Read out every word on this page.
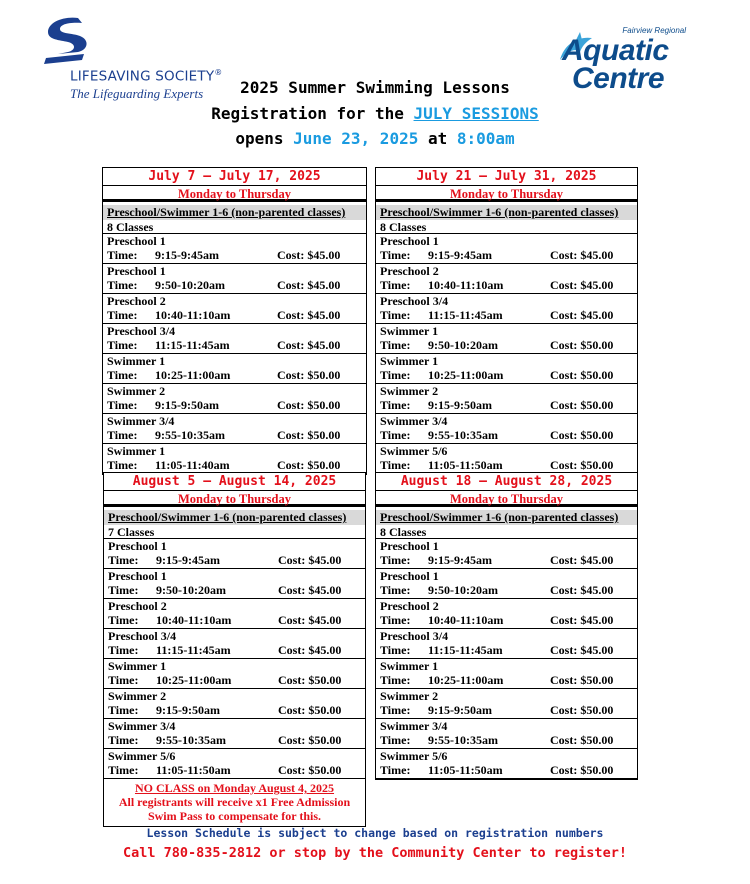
LIFESAVING SOCIETY®
The Lifeguarding Experts
Fairview Regional
Aquatic
Centre
2025 Summer Swimming Lessons
Registration for the JULY SESSIONS
opens June 23, 2025 at 8:00am
July 7 – July 17, 2025
Monday to Thursday
Preschool/Swimmer 1-6 (non-parented classes)
8 Classes
Preschool 1
Time: 9:15-9:45am	Cost: $45.00
Preschool 1
Time: 9:50-10:20am	Cost: $45.00
Preschool 2
Time: 10:40-11:10am	Cost: $45.00
Preschool 3/4
Time: 11:15-11:45am	Cost: $45.00
Swimmer 1
Time: 10:25-11:00am	Cost: $50.00
Swimmer 2
Time: 9:15-9:50am	Cost: $50.00
Swimmer 3/4
Time: 9:55-10:35am	Cost: $50.00
Swimmer 1
Time: 11:05-11:40am	Cost: $50.00
July 21 – July 31, 2025
Monday to Thursday
Preschool/Swimmer 1-6 (non-parented classes)
8 Classes
Preschool 1
Time: 9:15-9:45am	Cost: $45.00
Preschool 2
Time: 10:40-11:10am	Cost: $45.00
Preschool 3/4
Time: 11:15-11:45am	Cost: $45.00
Swimmer 1
Time: 9:50-10:20am	Cost: $50.00
Swimmer 1
Time: 10:25-11:00am	Cost: $50.00
Swimmer 2
Time: 9:15-9:50am	Cost: $50.00
Swimmer 3/4
Time: 9:55-10:35am	Cost: $50.00
Swimmer 5/6
Time: 11:05-11:50am	Cost: $50.00
August 5 – August 14, 2025
Monday to Thursday
Preschool/Swimmer 1-6 (non-parented classes)
7 Classes
Preschool 1
Time: 9:15-9:45am	Cost: $45.00
Preschool 1
Time: 9:50-10:20am	Cost: $45.00
Preschool 2
Time: 10:40-11:10am	Cost: $45.00
Preschool 3/4
Time: 11:15-11:45am	Cost: $45.00
Swimmer 1
Time: 10:25-11:00am	Cost: $50.00
Swimmer 2
Time: 9:15-9:50am	Cost: $50.00
Swimmer 3/4
Time: 9:55-10:35am	Cost: $50.00
Swimmer 5/6
Time: 11:05-11:50am	Cost: $50.00
NO CLASS on Monday August 4, 2025
All registrants will receive x1 Free Admission
Swim Pass to compensate for this.
August 18 – August 28, 2025
Monday to Thursday
Preschool/Swimmer 1-6 (non-parented classes)
8 Classes
Preschool 1
Time: 9:15-9:45am	Cost: $45.00
Preschool 1
Time: 9:50-10:20am	Cost: $45.00
Preschool 2
Time: 10:40-11:10am	Cost: $45.00
Preschool 3/4
Time: 11:15-11:45am	Cost: $45.00
Swimmer 1
Time: 10:25-11:00am	Cost: $50.00
Swimmer 2
Time: 9:15-9:50am	Cost: $50.00
Swimmer 3/4
Time: 9:55-10:35am	Cost: $50.00
Swimmer 5/6
Time: 11:05-11:50am	Cost: $50.00
Lesson Schedule is subject to change based on registration numbers
Call 780-835-2812 or stop by the Community Center to register!
